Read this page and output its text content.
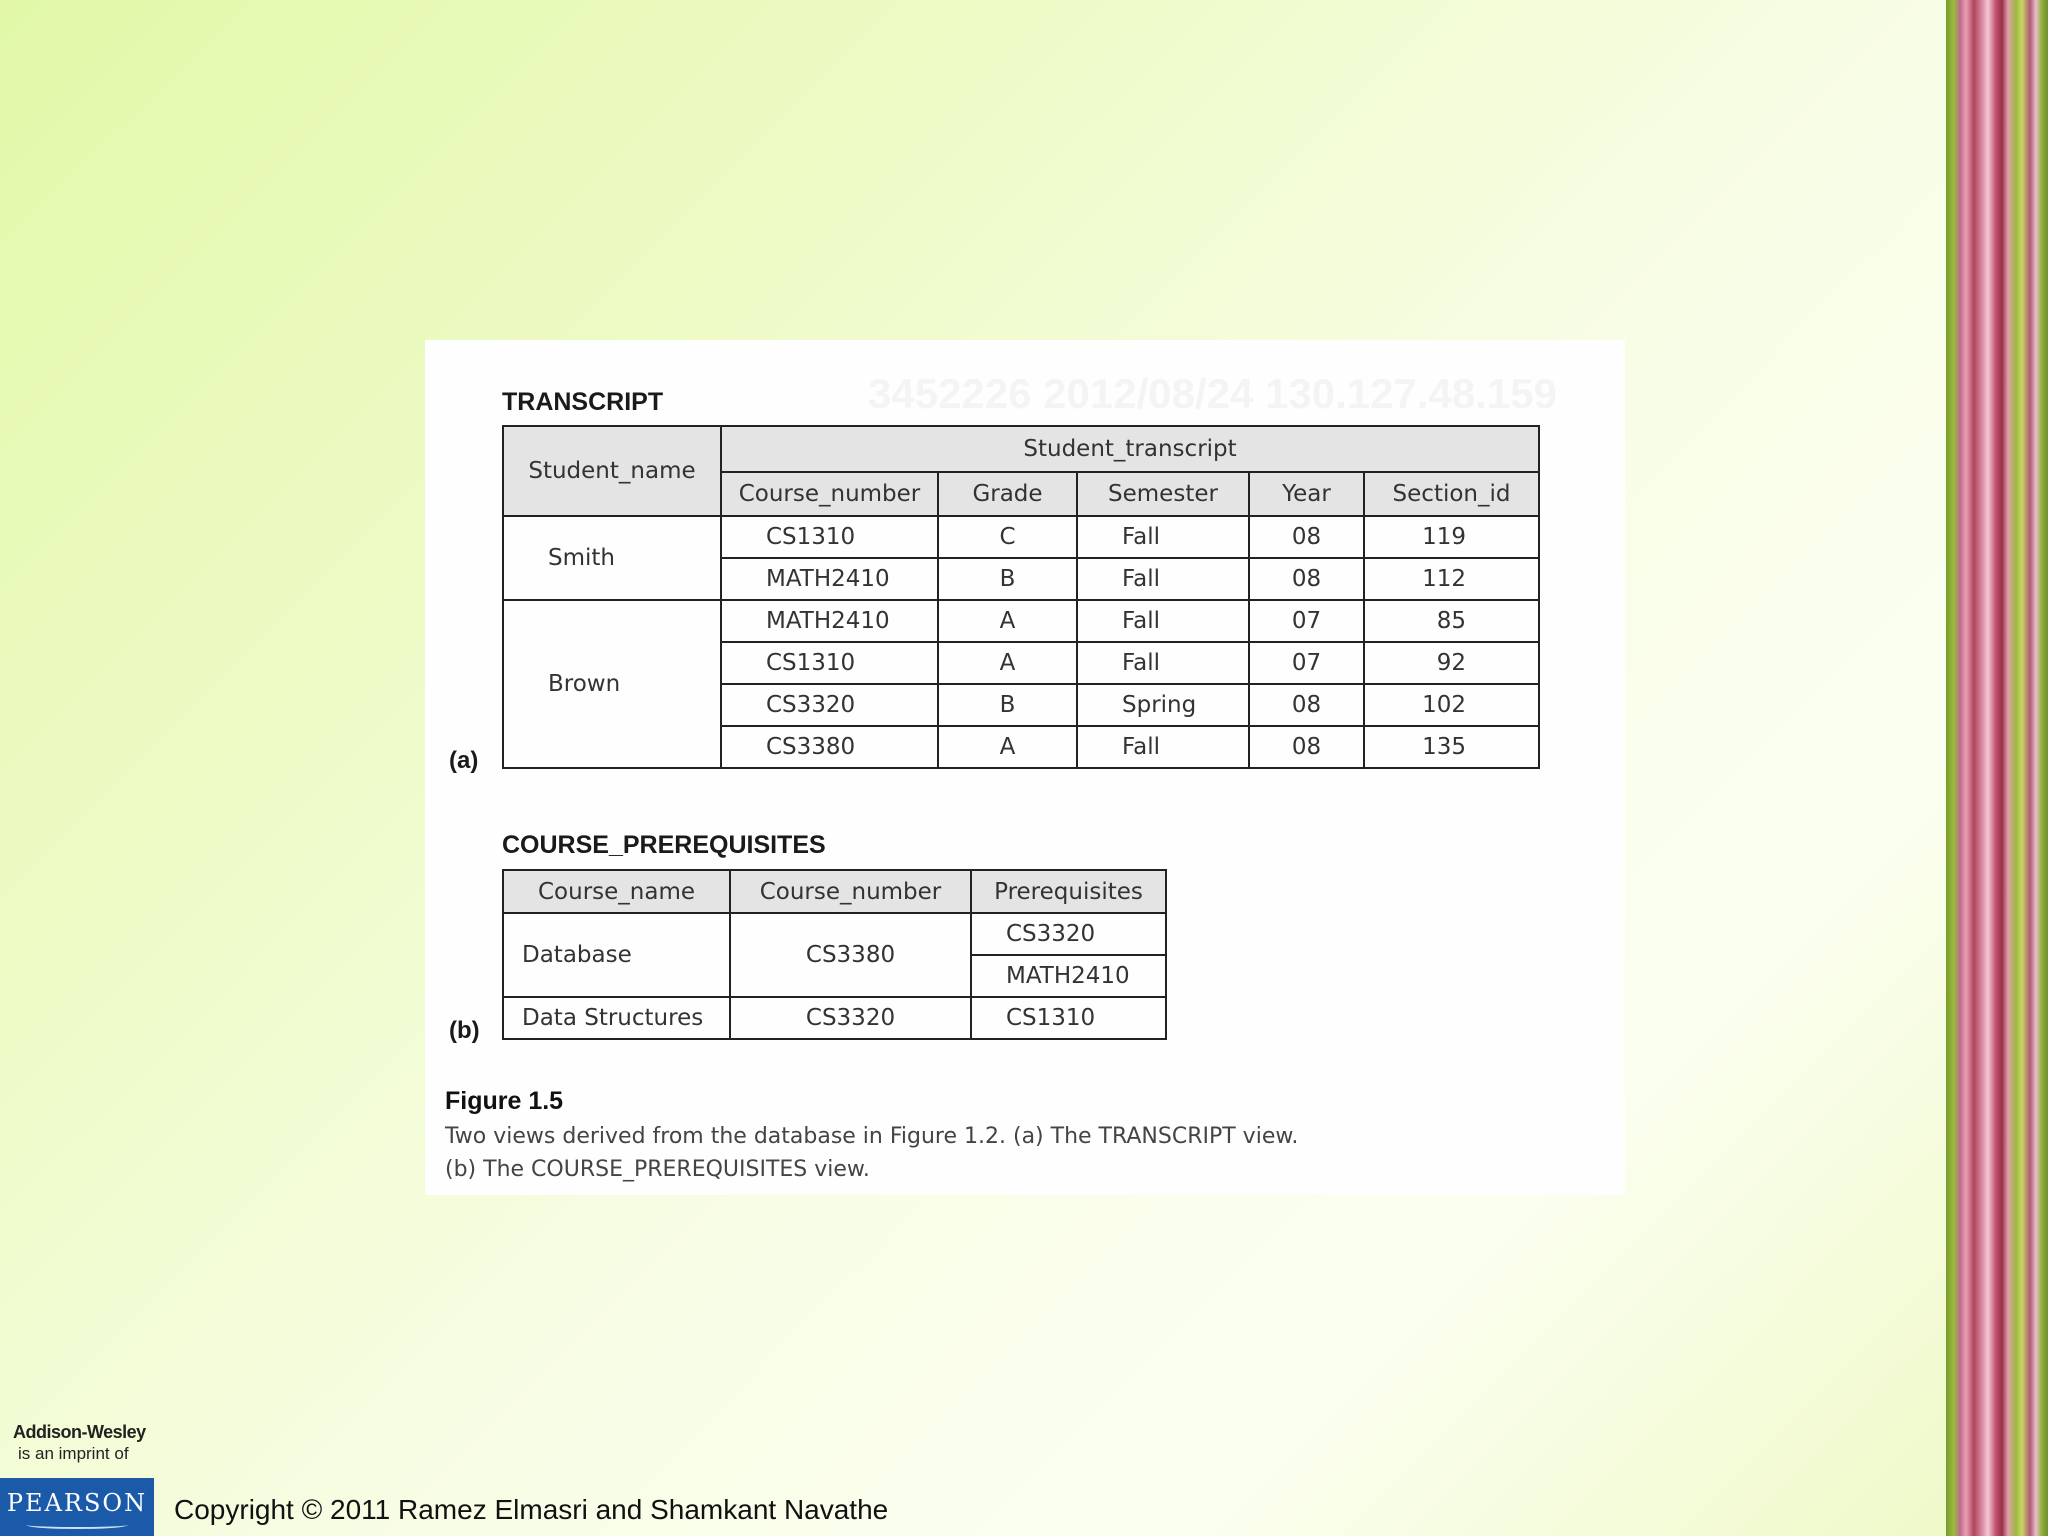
3452226 2012/08/24 130.127.48.159
TRANSCRIPT
(a)
Student_name	Student_transcript				
	Course_number	Grade	Semester	Year	Section_id
Smith	CS1310	C	Fall	08	119
	MATH2410	B	Fall	08	112
Brown	MATH2410	A	Fall	07	85
	CS1310	A	Fall	07	92
	CS3320	B	Spring	08	102
	CS3380	A	Fall	08	135
COURSE_PREREQUISITES
(b)
Course_name	Course_number	Prerequisites
Database	CS3380	CS3320
		MATH2410
Data Structures	CS3320	CS1310
Figure 1.5
Two views derived from the database in Figure 1.2. (a) The TRANSCRIPT view.
(b) The COURSE_PREREQUISITES view.
Addison-Wesley
is an imprint of
PEARSON Copyright © 2011 Ramez Elmasri and Shamkant Navathe
